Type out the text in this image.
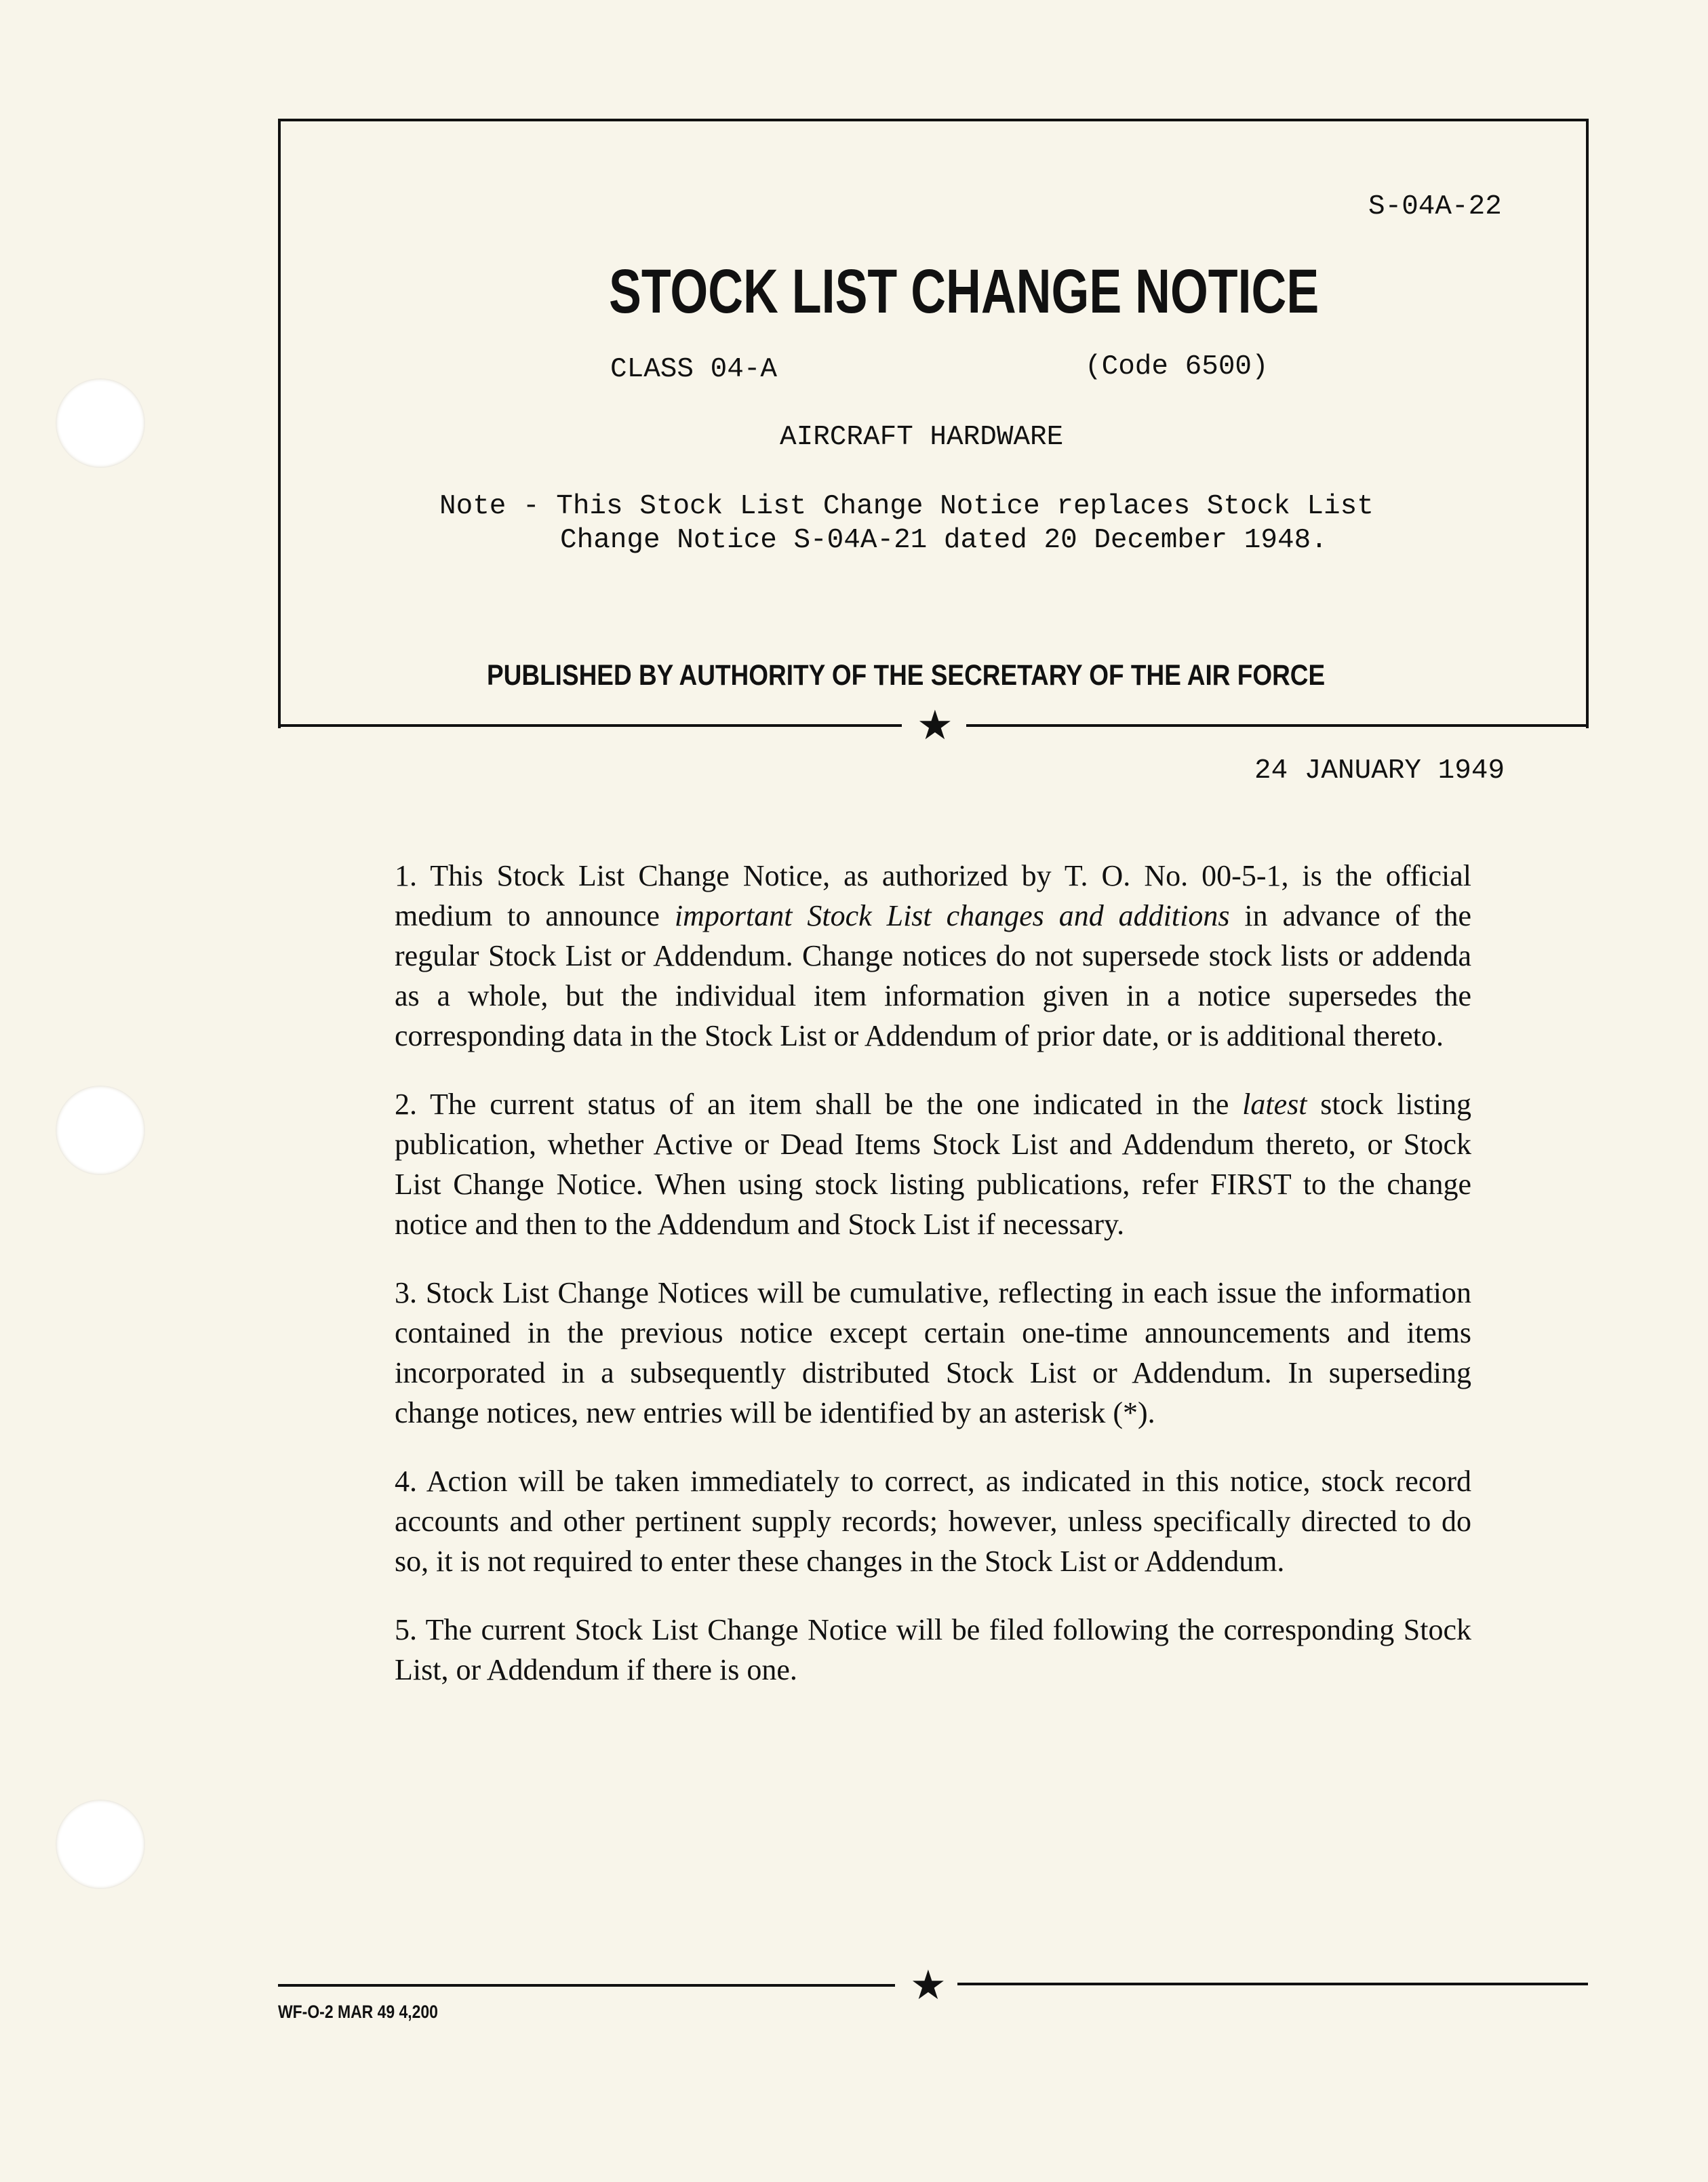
S-04A-22
STOCK LIST CHANGE NOTICE
CLASS 04-A	(Code 6500)
AIRCRAFT HARDWARE
Note - This Stock List Change Notice replaces Stock List
Change Notice S-04A-21 dated 20 December 1948.
PUBLISHED BY AUTHORITY OF THE SECRETARY OF THE AIR FORCE
★
24 JANUARY 1949

1. This Stock List Change Notice, as authorized by T. O. No. 00-5-1, is the official medium to announce important Stock List changes and additions in advance of the regular Stock List or Addendum. Change notices do not supersede stock lists or addenda as a whole, but the individual item information given in a notice supersedes the corresponding data in the Stock List or Addendum of prior date, or is additional thereto.

2. The current status of an item shall be the one indicated in the latest stock listing publication, whether Active or Dead Items Stock List and Addendum thereto, or Stock List Change Notice. When using stock listing publications, refer FIRST to the change notice and then to the Addendum and Stock List if necessary.

3. Stock List Change Notices will be cumulative, reflecting in each issue the information contained in the previous notice except certain one-time announcements and items incorporated in a subsequently distributed Stock List or Addendum. In superseding change notices, new entries will be identified by an asterisk (*).

4. Action will be taken immediately to correct, as indicated in this notice, stock record accounts and other pertinent supply records; however, unless specifically directed to do so, it is not required to enter these changes in the Stock List or Addendum.

5. The current Stock List Change Notice will be filed following the corresponding Stock List, or Addendum if there is one.

★
WF-O-2 MAR 49 4,200
